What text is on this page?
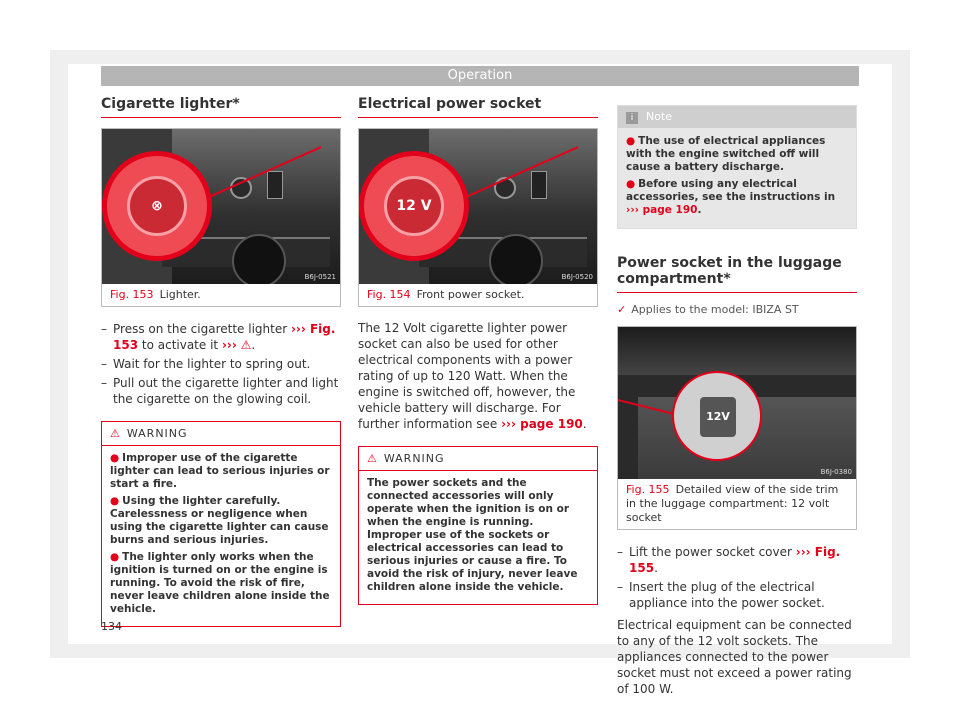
Operation
Cigarette lighter*
⊗
B6J-0521
Fig. 153 Lighter.
– Press on the cigarette lighter ››› Fig. 153 to activate it ››› ⚠.
– Wait for the lighter to spring out.
– Pull out the cigarette lighter and light the cigarette on the glowing coil.
⚠ WARNING

● Improper use of the cigarette lighter can lead to serious injuries or start a fire.

● Using the lighter carefully. Carelessness or negligence when using the cigarette lighter can cause burns and serious injuries.

● The lighter only works when the ignition is turned on or the engine is running. To avoid the risk of fire, never leave children alone inside the vehicle.

Electrical power socket
12 V
B6J-0520
Fig. 154 Front power socket.

The 12 Volt cigarette lighter power socket can also be used for other electrical components with a power rating of up to 120 Watt. When the engine is switched off, however, the vehicle battery will discharge. For further information see ››› page 190.

⚠ WARNING

The power sockets and the connected accessories will only operate when the ignition is on or when the engine is running. Improper use of the sockets or electrical accessories can lead to serious injuries or cause a fire. To avoid the risk of injury, never leave children alone inside the vehicle.

i Note

● The use of electrical appliances with the engine switched off will cause a battery discharge.

● Before using any electrical accessories, see the instructions in ››› page 190.

Power socket in the luggage compartment*

✓ Applies to the model: IBIZA ST

12V
B6J-0380
Fig. 155 Detailed view of the side trim in the luggage compartment: 12 volt socket
– Lift the power socket cover ››› Fig. 155.
– Insert the plug of the electrical appliance into the power socket.

Electrical equipment can be connected to any of the 12 volt sockets. The appliances connected to the power socket must not exceed a power rating of 100 W.

134
